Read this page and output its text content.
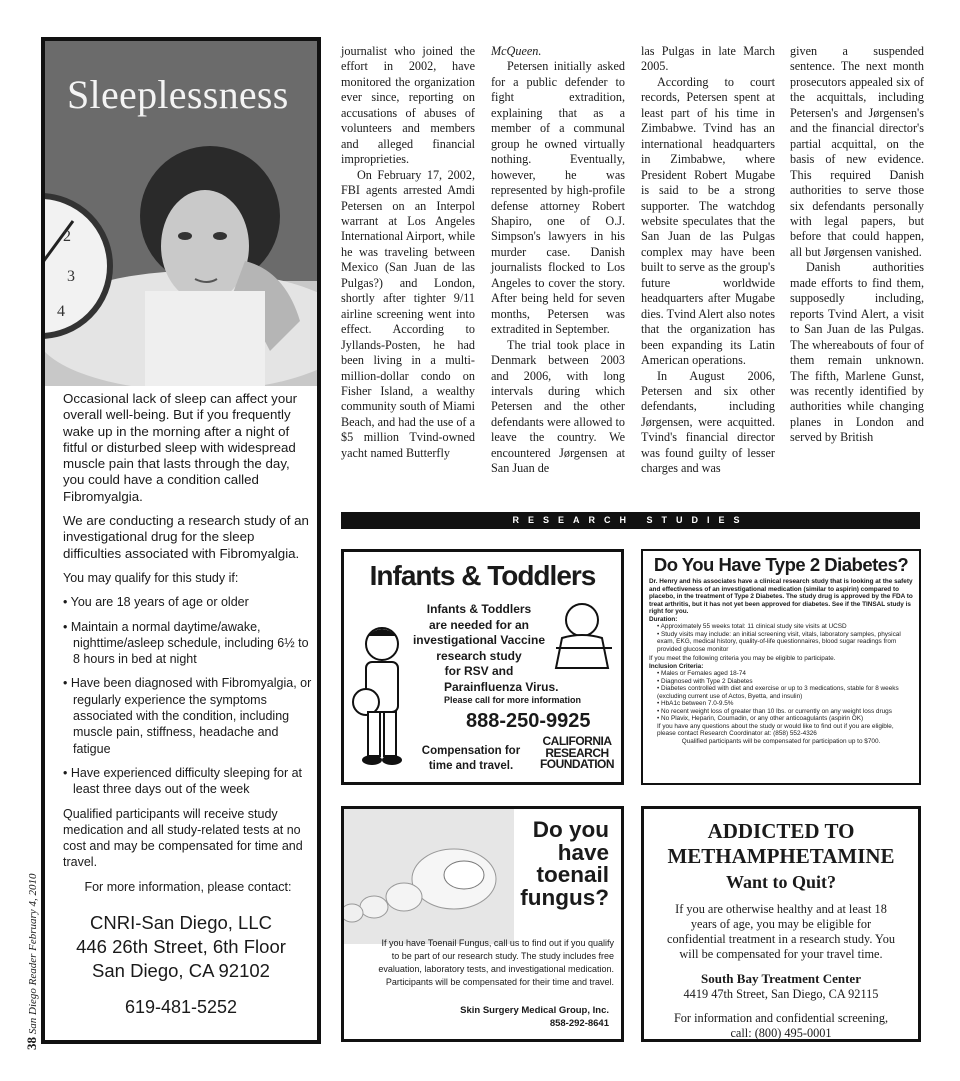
38 San Diego Reader February 4, 2010
2
3
4
Sleeplessness

Occasional lack of sleep can affect your overall well-being. But if you frequently wake up in the morning after a night of fitful or disturbed sleep with widespread muscle pain that lasts through the day, you could have a condition called Fibromyalgia.

We are conducting a research study of an investigational drug for the sleep difficulties associated with Fibromyalgia.

You may qualify for this study if:

• You are 18 years of age or older
• Maintain a normal daytime/awake, nighttime/asleep schedule, including 6½ to 8 hours in bed at night
• Have been diagnosed with Fibromyalgia, or regularly experience the symptoms associated with the condition, including muscle pain, stiffness, headache and fatigue
• Have experienced difficulty sleeping for at least three days out of the week

Qualified participants will receive study medication and all study-related tests at no cost and may be compensated for time and travel.

For more information, please contact:

CNRI-San Diego, LLC
446 26th Street, 6th Floor
San Diego, CA 92102
619-481-5252

journalist who joined the effort in 2002, have monitored the organization ever since, reporting on accusations of abuses of volunteers and members and alleged financial improprieties.

On February 17, 2002, FBI agents arrested Amdi Petersen on an Interpol warrant at Los Angeles International Airport, while he was traveling between Mexico (San Juan de las Pulgas?) and London, shortly after tighter 9/11 airline screening went into effect. According to Jyllands-Posten, he had been living in a multi-million-dollar condo on Fisher Island, a wealthy community south of Miami Beach, and had the use of a $5 million Tvind-owned yacht named Butterfly

McQueen.

Petersen initially asked for a public defender to fight extradition, explaining that as a member of a communal group he owned virtually nothing. Eventually, however, he was represented by high-profile defense attorney Robert Shapiro, one of O.J. Simpson's lawyers in his murder case. Danish journalists flocked to Los Angeles to cover the story. After being held for seven months, Petersen was extradited in September.

The trial took place in Denmark between 2003 and 2006, with long intervals during which Petersen and the other defendants were allowed to leave the country. We encountered Jørgensen at San Juan de

las Pulgas in late March 2005.

According to court records, Petersen spent at least part of his time in Zimbabwe. Tvind has an international headquarters in Zimbabwe, where President Robert Mugabe is said to be a strong supporter. The watchdog website speculates that the San Juan de las Pulgas complex may have been built to serve as the group's future worldwide headquarters after Mugabe dies. Tvind Alert also notes that the organization has been expanding its Latin American operations.

In August 2006, Petersen and six other defendants, including Jørgensen, were acquitted. Tvind's financial director was found guilty of lesser charges and was

given a suspended sentence. The next month prosecutors appealed six of the acquittals, including Petersen's and Jørgensen's and the financial director's partial acquittal, on the basis of new evidence. This required Danish authorities to serve those six defendants personally with legal papers, but before that could happen, all but Jørgensen vanished.

Danish authorities made efforts to find them, supposedly including, reports Tvind Alert, a visit to San Juan de las Pulgas. The whereabouts of four of them remain unknown. The fifth, Marlene Gunst, was recently identified by authorities while changing planes in London and served by British

RESEARCH STUDIES
Infants & Toddlers
Infants & Toddlers
are needed for an
investigational Vaccine
research study
for RSV and
Parainfluenza Virus.
Please call for more information
888-250-9925
Compensation for time and travel.
CALIFORNIA
RESEARCH
FOUNDATION
Do You Have Type 2 Diabetes?
Dr. Henry and his associates have a clinical research study that is looking at the safety and effectiveness of an investigational medication (similar to aspirin) compared to placebo, in the treatment of Type 2 Diabetes. The study drug is approved by the FDA to treat arthritis, but it has not yet been approved for diabetes. See if the TINSAL study is right for you.
Duration:
• Approximately 55 weeks total: 11 clinical study site visits at UCSD
• Study visits may include: an initial screening visit, vitals, laboratory samples, physical exam, EKG, medical history, quality-of-life questionnaires, blood sugar readings from provided glucose monitor
If you meet the following criteria you may be eligible to participate.
Inclusion Criteria:
• Males or Females aged 18-74
• Diagnosed with Type 2 Diabetes
• Diabetes controlled with diet and exercise or up to 3 medications, stable for 8 weeks (excluding current use of Actos, Byetta, and insulin)
• HbA1c between 7.0-9.5%
• No recent weight loss of greater than 10 lbs. or currently on any weight loss drugs
• No Plavix, Heparin, Coumadin, or any other anticoagulants (aspirin OK)
If you have any questions about the study or would like to find out if you are eligible, please contact Research Coordinator at: (858) 552-4326
Qualified participants will be compensated for participation up to $700.
Do you
have
toenail
fungus?
If you have Toenail Fungus, call us to find out if you qualify to be part of our research study. The study includes free evaluation, laboratory tests, and investigational medication. Participants will be compensated for their time and travel.
Skin Surgery Medical Group, Inc.
858-292-8641
ADDICTED TO
METHAMPHETAMINE
Want to Quit?
If you are otherwise healthy and at least 18 years of age, you may be eligible for confidential treatment in a research study. You will be compensated for your travel time.
South Bay Treatment Center
4419 47th Street, San Diego, CA 92115
For information and confidential screening, call: (800) 495-0001
